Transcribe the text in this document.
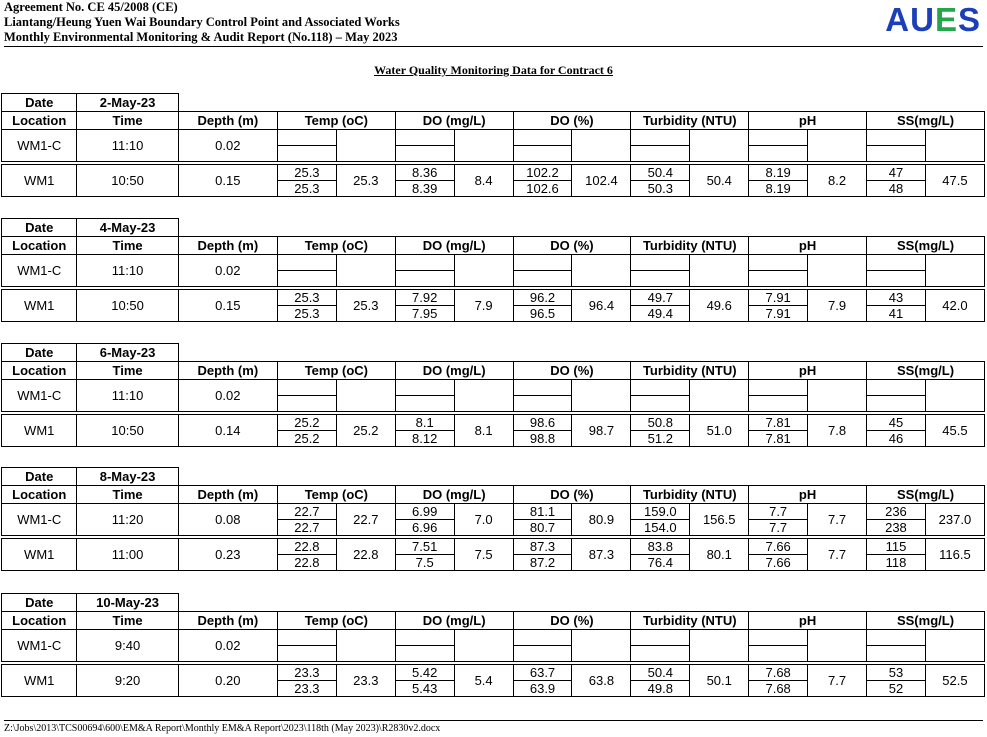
Agreement No. CE 45/2008 (CE)
Liantang/Heung Yuen Wai Boundary Control Point and Associated Works
Monthly Environmental Monitoring & Audit Report (No.118) – May 2023	AUES
Water Quality Monitoring Data for Contract 6
Date	2-May-23													
Location	Time	Depth (m)	Temp (oC)		DO (mg/L)		DO (%)		Turbidity (NTU)		pH		SS(mg/L)	
WM1-C	11:10	0.02												

WM1	10:50	0.15	25.3	25.3	8.36	8.4	102.2	102.4	50.4	50.4	8.19	8.2	47	47.5
			25.3		8.39		102.6		50.3		8.19		48	
Date	4-May-23													
Location	Time	Depth (m)	Temp (oC)		DO (mg/L)		DO (%)		Turbidity (NTU)		pH		SS(mg/L)	
WM1-C	11:10	0.02												

WM1	10:50	0.15	25.3	25.3	7.92	7.9	96.2	96.4	49.7	49.6	7.91	7.9	43	42.0
			25.3		7.95		96.5		49.4		7.91		41	
Date	6-May-23													
Location	Time	Depth (m)	Temp (oC)		DO (mg/L)		DO (%)		Turbidity (NTU)		pH		SS(mg/L)	
WM1-C	11:10	0.02												

WM1	10:50	0.14	25.2	25.2	8.1	8.1	98.6	98.7	50.8	51.0	7.81	7.8	45	45.5
			25.2		8.12		98.8		51.2		7.81		46	
Date	8-May-23													
Location	Time	Depth (m)	Temp (oC)		DO (mg/L)		DO (%)		Turbidity (NTU)		pH		SS(mg/L)	
WM1-C	11:20	0.08	22.7	22.7	6.99	7.0	81.1	80.9	159.0	156.5	7.7	7.7	236	237.0
			22.7		6.96		80.7		154.0		7.7		238	

WM1	11:00	0.23	22.8	22.8	7.51	7.5	87.3	87.3	83.8	80.1	7.66	7.7	115	116.5
			22.8		7.5		87.2		76.4		7.66		118	
Date	10-May-23													
Location	Time	Depth (m)	Temp (oC)		DO (mg/L)		DO (%)		Turbidity (NTU)		pH		SS(mg/L)	
WM1-C	9:40	0.02												

WM1	9:20	0.20	23.3	23.3	5.42	5.4	63.7	63.8	50.4	50.1	7.68	7.7	53	52.5
			23.3		5.43		63.9		49.8		7.68		52	
Z:\Jobs\2013\TCS00694\600\EM&A Report\Monthly EM&A Report\2023\118th (May 2023)\R2830v2.docx
